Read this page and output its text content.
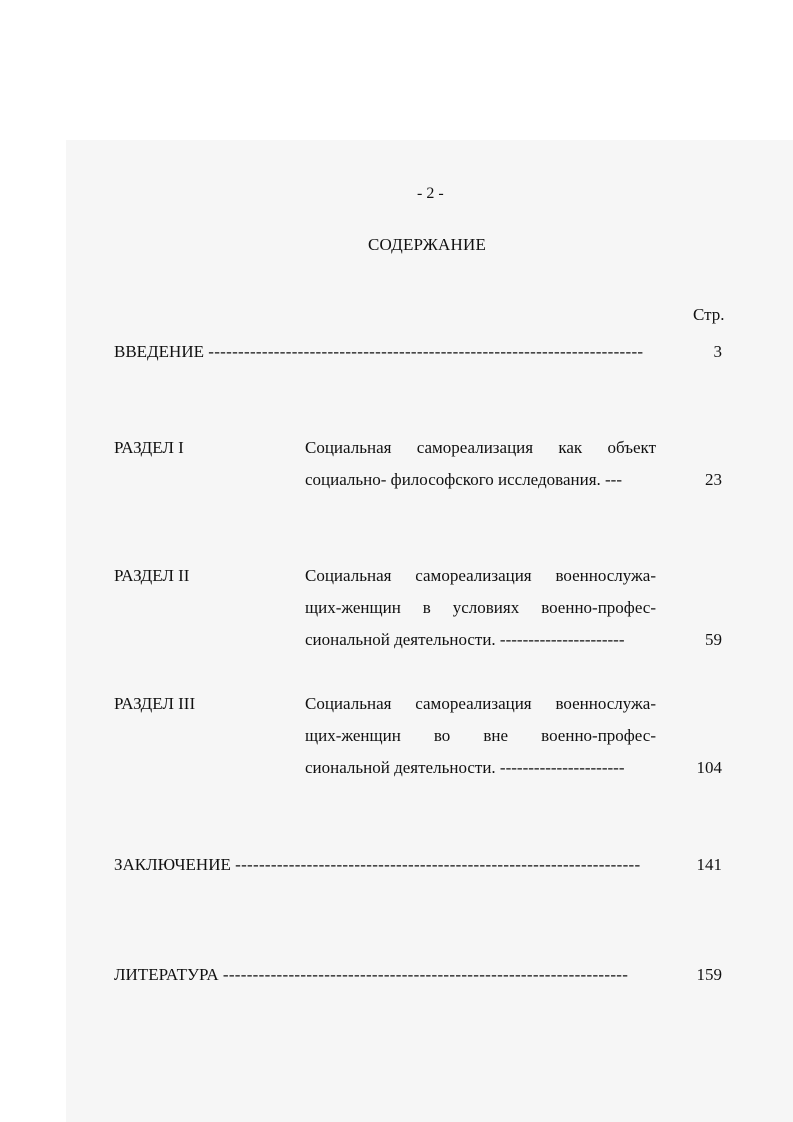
- 2 -
СОДЕРЖАНИЕ
Стр.
ВВЕДЕНИЕ -------------------------------------------------------------------------	3
РАЗДЕЛ I	Социальная самореализация как объект
социально- философского исследования. ---	23
РАЗДЕЛ II	Социальная самореализация военнослужа-
щих-женщин в условиях военно-профес-
сиональной деятельности. ----------------------	59
РАЗДЕЛ III	Социальная самореализация военнослужа-
щих-женщин во вне военно-профес-
сиональной деятельности. ----------------------	104
ЗАКЛЮЧЕНИЕ --------------------------------------------------------------------	141
ЛИТЕРАТУРА --------------------------------------------------------------------	159
